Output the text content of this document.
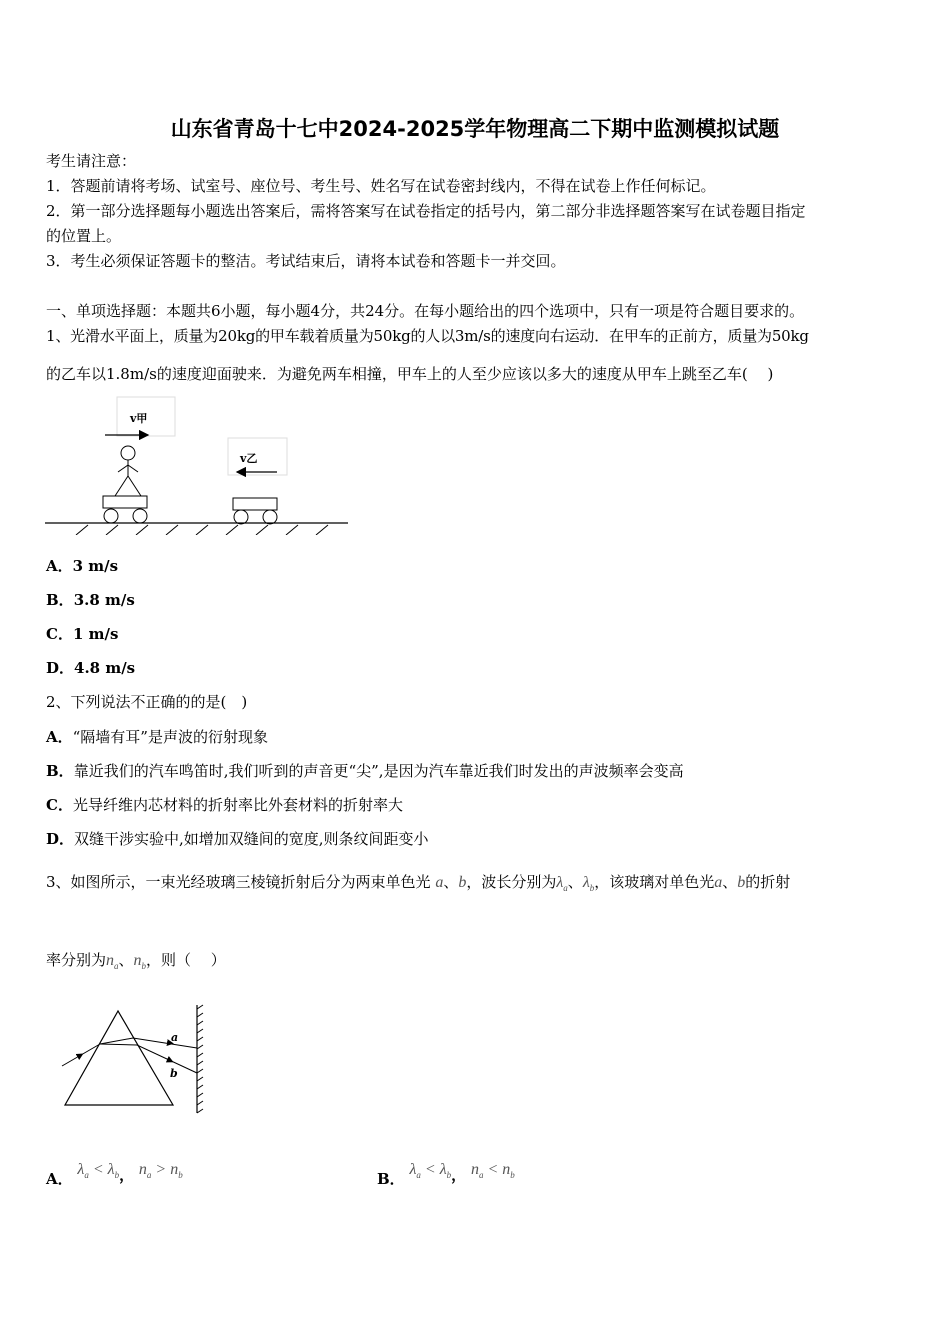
山东省青岛十七中2024-2025学年物理高二下期中监测模拟试题
考生请注意：
1．答题前请将考场、试室号、座位号、考生号、姓名写在试卷密封线内，不得在试卷上作任何标记。
2．第一部分选择题每小题选出答案后，需将答案写在试卷指定的括号内，第二部分非选择题答案写在试卷题目指定
的位置上。
3．考生必须保证答题卡的整洁。考试结束后，请将本试卷和答题卡一并交回。
一、单项选择题：本题共6小题，每小题4分，共24分。在每小题给出的四个选项中，只有一项是符合题目要求的。
1、光滑水平面上，质量为20kg的甲车载着质量为50kg的人以3m/s的速度向右运动．在甲车的正前方，质量为50kg
的乙车以1.8m/s的速度迎面驶来．为避免两车相撞，甲车上的人至少应该以多大的速度从甲车上跳至乙车(　 )
v甲
v乙
A．3 m/s
B．3.8 m/s
C．1 m/s
D．4.8 m/s
2、下列说法不正确的的是(　)
A．“隔墙有耳”是声波的衍射现象
B．靠近我们的汽车鸣笛时,我们听到的声音更“尖”,是因为汽车靠近我们时发出的声波频率会变高
C．光导纤维内芯材料的折射率比外套材料的折射率大
D．双缝干涉实验中,如增加双缝间的宽度,则条纹间距变小
3、如图所示，一束光经玻璃三棱镜折射后分为两束单色光 a、b，波长分别为$\lambda_a$、$\lambda_b$，该玻璃对单色光a、b的折射
率分别为$n_a$、$n_b$，则（　 ）
a
b
A． $\lambda_a < \lambda_b$， $n_a > n_b$	B． $\lambda_a < \lambda_b$， $n_a < n_b$
